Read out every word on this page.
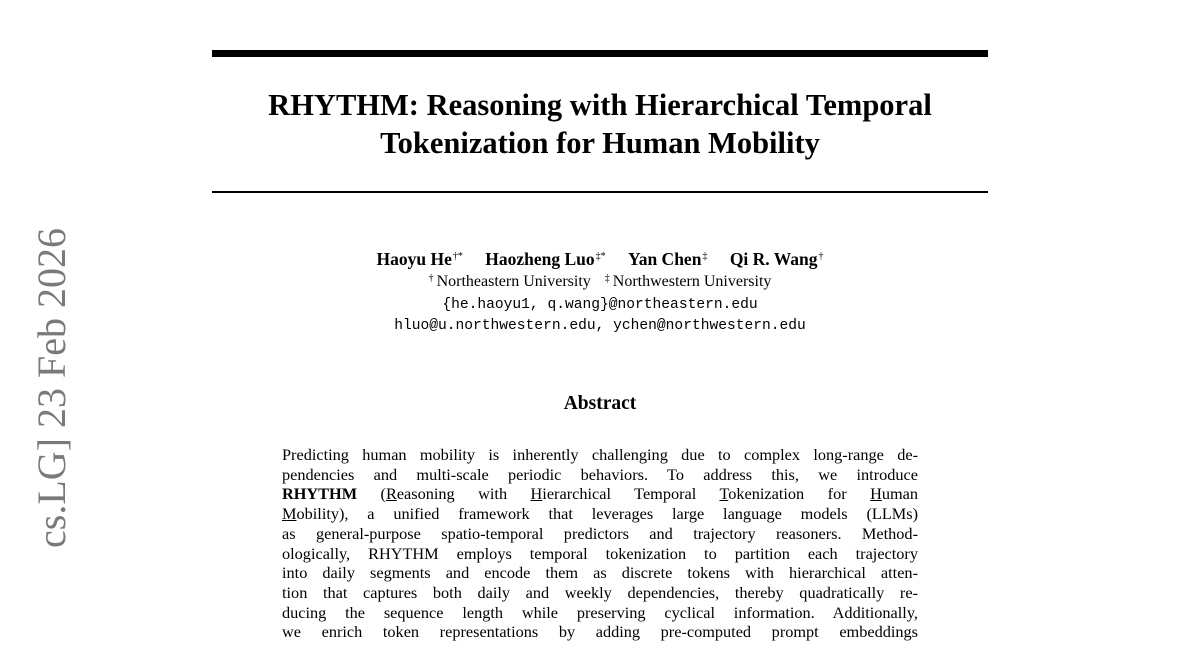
cs.LG] 23 Feb 2026
RHYTHM: Reasoning with Hierarchical Temporal
Tokenization for Human Mobility
Haoyu He†* Haozheng Luo‡* Yan Chen‡ Qi R. Wang†
† Northeastern University ‡ Northwestern University
{he.haoyu1, q.wang}@northeastern.edu
hluo@u.northwestern.edu, ychen@northwestern.edu
Abstract
Predicting human mobility is inherently challenging due to complex long-range de-
pendencies and multi-scale periodic behaviors. To address this, we introduce
RHYTHM (Reasoning with Hierarchical Temporal Tokenization for Human
Mobility), a unified framework that leverages large language models (LLMs)
as general-purpose spatio-temporal predictors and trajectory reasoners. Method-
ologically, RHYTHM employs temporal tokenization to partition each trajectory
into daily segments and encode them as discrete tokens with hierarchical atten-
tion that captures both daily and weekly dependencies, thereby quadratically re-
ducing the sequence length while preserving cyclical information. Additionally,
we enrich token representations by adding pre-computed prompt embeddings
